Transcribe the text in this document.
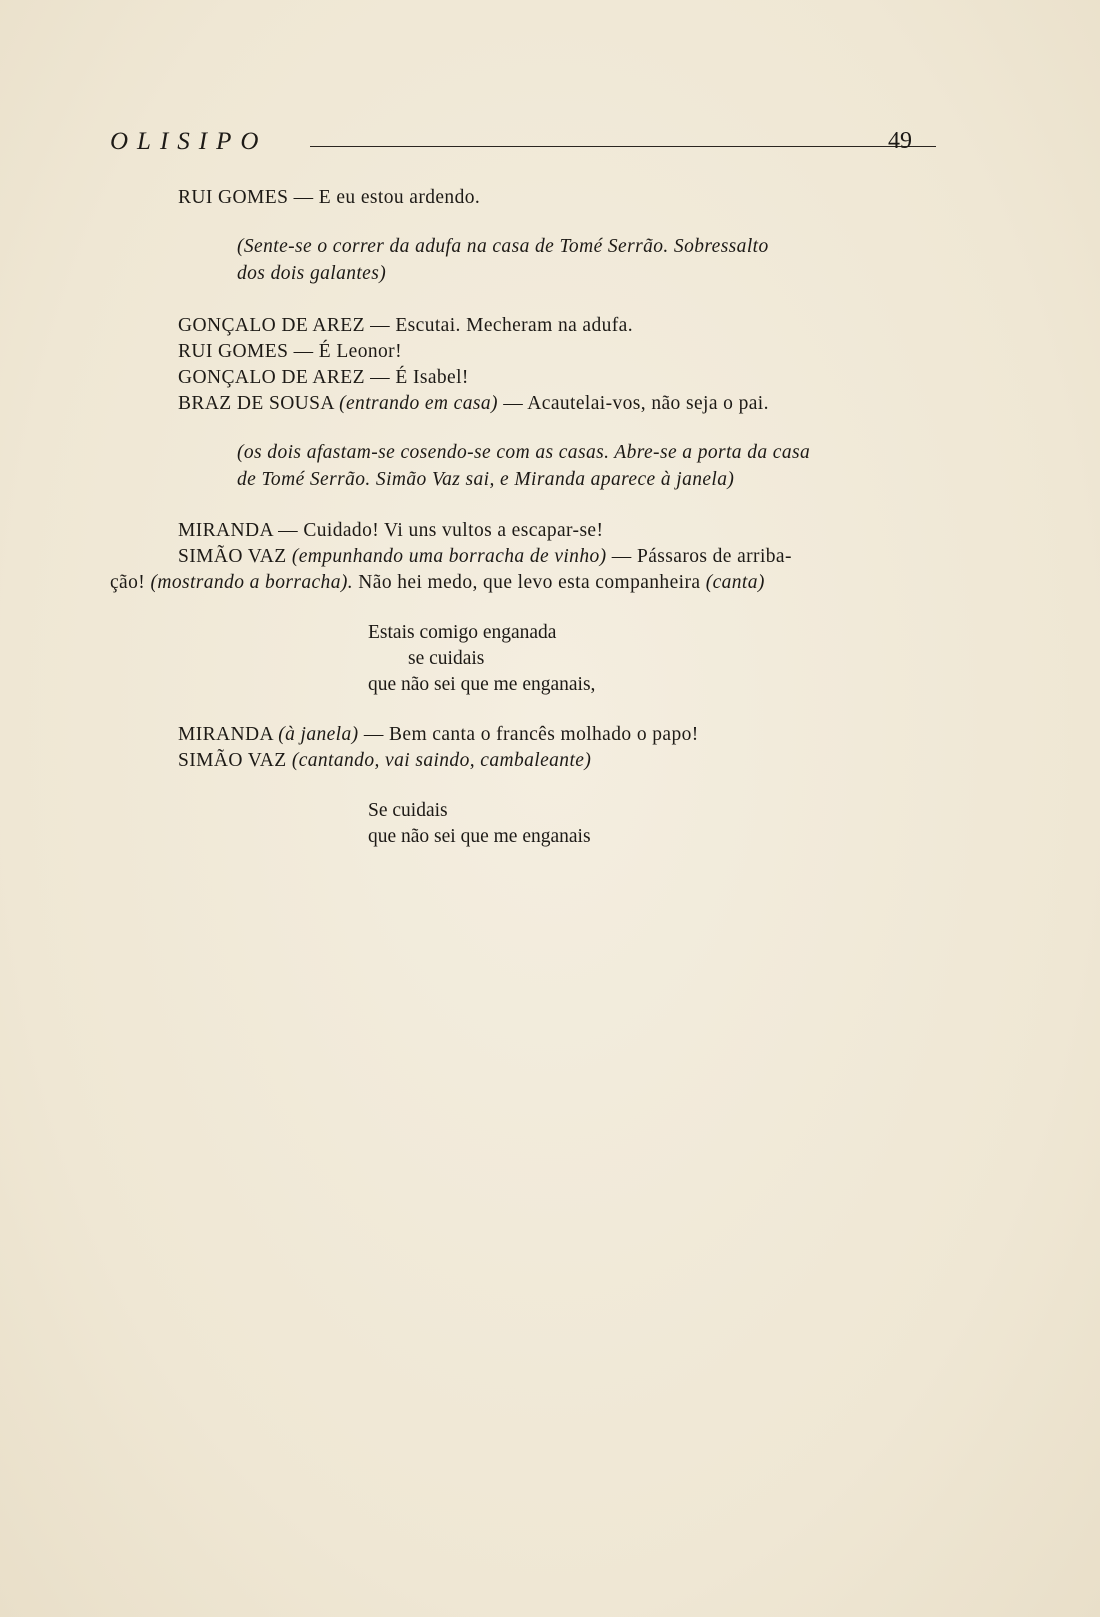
OLISIPO	49
RUI GOMES — E eu estou ardendo.
(Sente-se o correr da adufa na casa de Tomé Serrão. Sobressalto
dos dois galantes)
GONÇALO DE AREZ — Escutai. Mecheram na adufa.
RUI GOMES — É Leonor!
GONÇALO DE AREZ — É Isabel!
BRAZ DE SOUSA (entrando em casa) — Acautelai-vos, não seja o pai.
(os dois afastam-se cosendo-se com as casas. Abre-se a porta da casa
de Tomé Serrão. Simão Vaz sai, e Miranda aparece à janela)
MIRANDA — Cuidado! Vi uns vultos a escapar-se!
SIMÃO VAZ (empunhando uma borracha de vinho) — Pássaros de arriba-
ção! (mostrando a borracha). Não hei medo, que levo esta companheira (canta)
Estais comigo enganada
se cuidais
que não sei que me enganais,
MIRANDA (à janela) — Bem canta o francês molhado o papo!
SIMÃO VAZ (cantando, vai saindo, cambaleante)
Se cuidais
que não sei que me enganais
